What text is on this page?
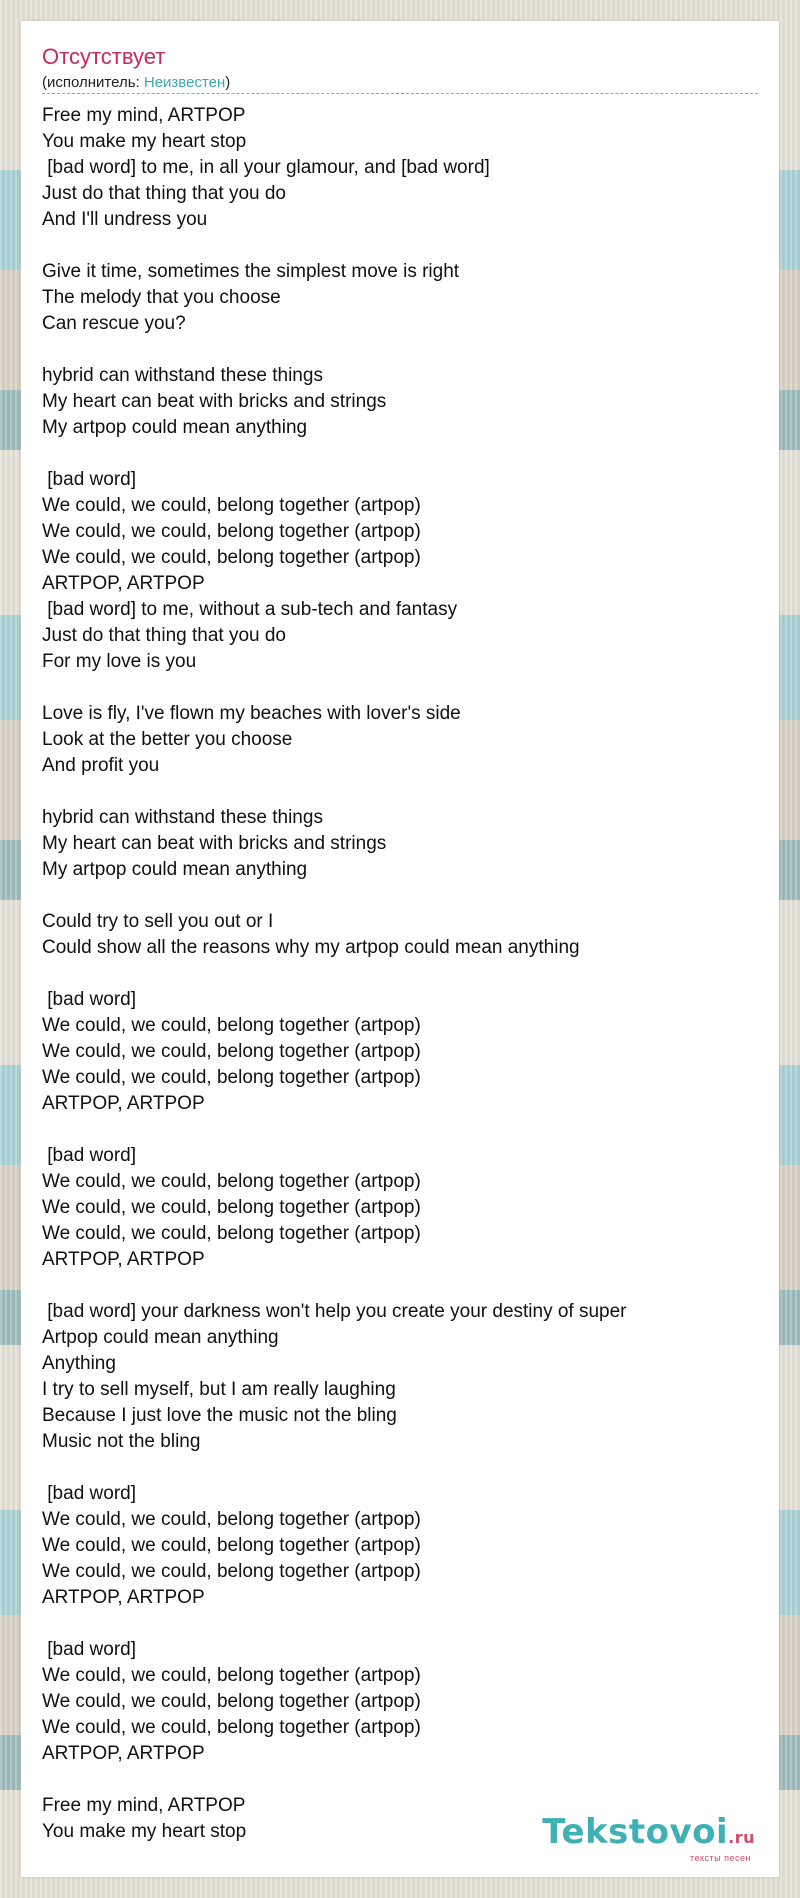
Отсутствует
(исполнитель: Неизвестен)
Free my mind, ARTPOP
You make my heart stop
[bad word] to me, in all your glamour, and [bad word]
Just do that thing that you do
And I'll undress you

Give it time, sometimes the simplest move is right
The melody that you choose
Can rescue you?

hybrid can withstand these things
My heart can beat with bricks and strings
My artpop could mean anything

[bad word]
We could, we could, belong together (artpop)
We could, we could, belong together (artpop)
We could, we could, belong together (artpop)
ARTPOP, ARTPOP
[bad word] to me, without a sub-tech and fantasy
Just do that thing that you do
For my love is you

Love is fly, I've flown my beaches with lover's side
Look at the better you choose
And profit you

hybrid can withstand these things
My heart can beat with bricks and strings
My artpop could mean anything

Could try to sell you out or I
Could show all the reasons why my artpop could mean anything

[bad word]
We could, we could, belong together (artpop)
We could, we could, belong together (artpop)
We could, we could, belong together (artpop)
ARTPOP, ARTPOP

[bad word]
We could, we could, belong together (artpop)
We could, we could, belong together (artpop)
We could, we could, belong together (artpop)
ARTPOP, ARTPOP

[bad word] your darkness won't help you create your destiny of super
Artpop could mean anything
Anything
I try to sell myself, but I am really laughing
Because I just love the music not the bling
Music not the bling

[bad word]
We could, we could, belong together (artpop)
We could, we could, belong together (artpop)
We could, we could, belong together (artpop)
ARTPOP, ARTPOP

[bad word]
We could, we could, belong together (artpop)
We could, we could, belong together (artpop)
We could, we could, belong together (artpop)
ARTPOP, ARTPOP

Free my mind, ARTPOP
You make my heart stop	Tekstovoi.ru
тексты песен
